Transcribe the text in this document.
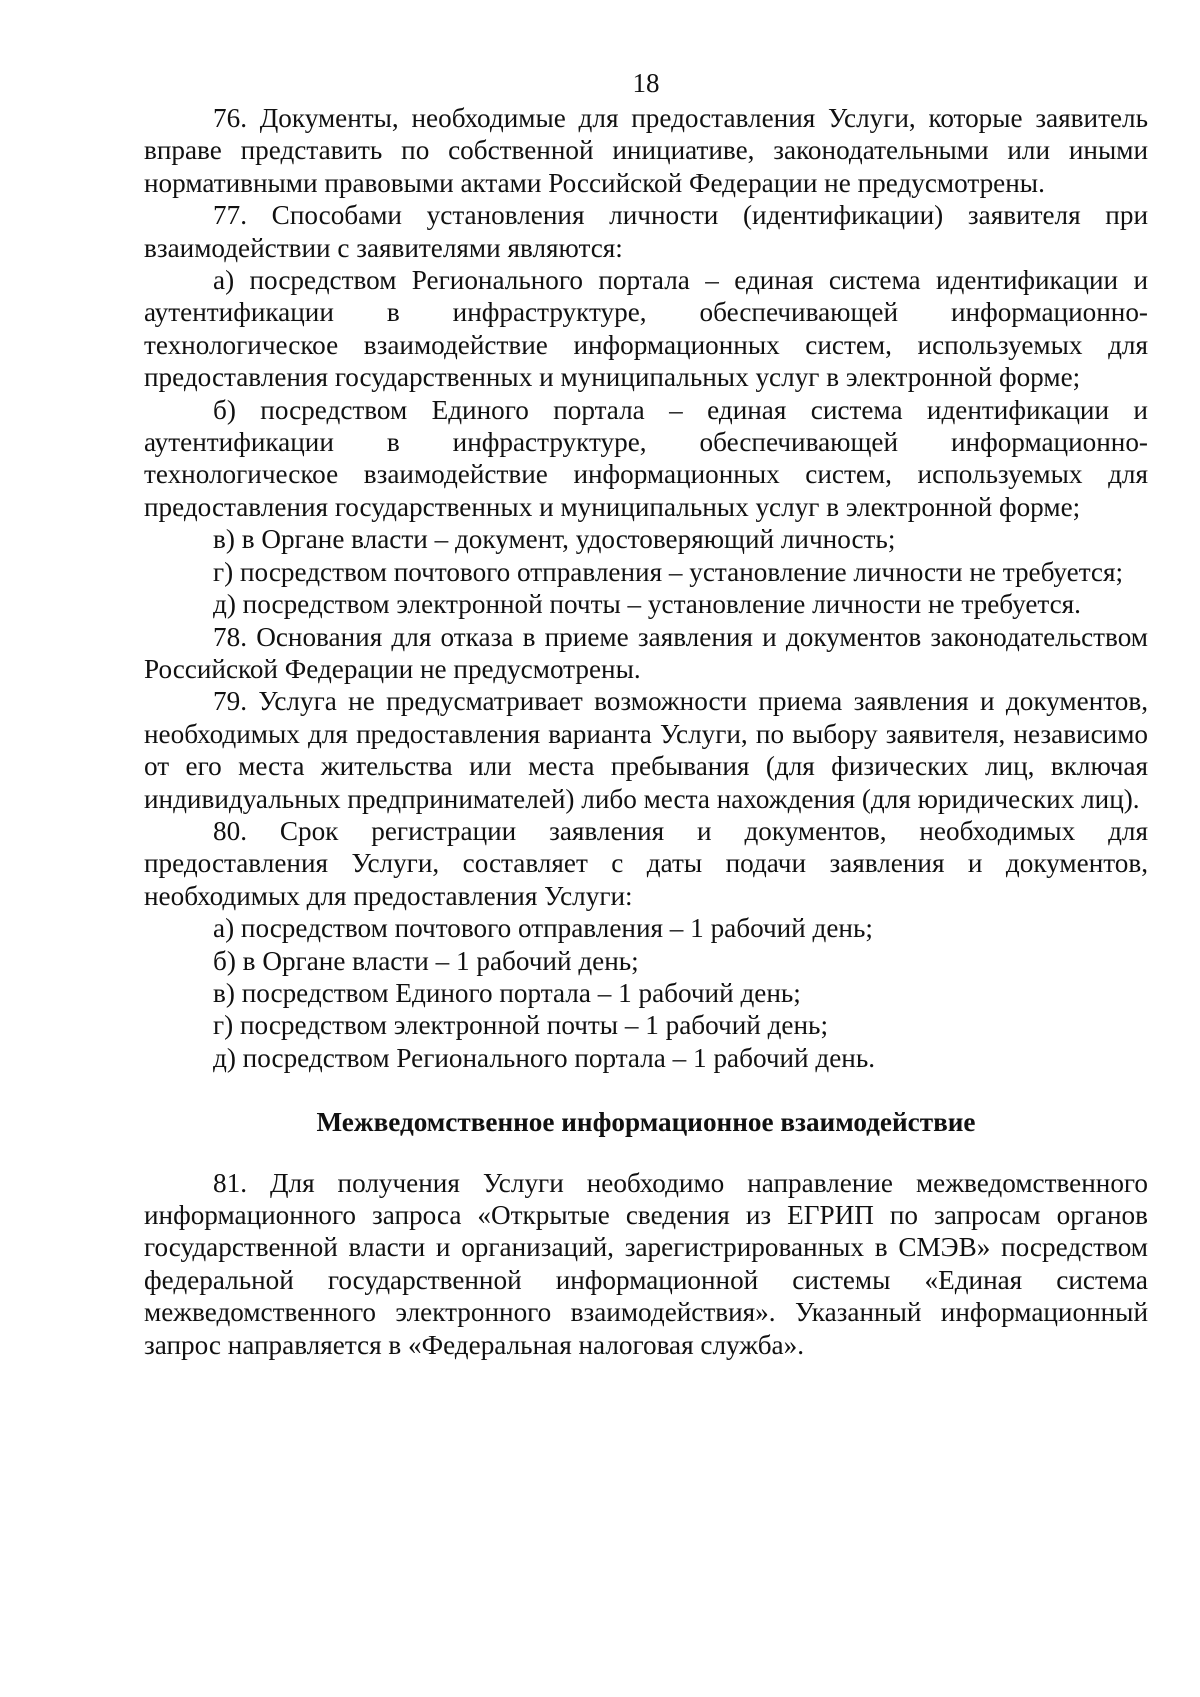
18

76. Документы, необходимые для предоставления Услуги, которые заявитель вправе представить по собственной инициативе, законодательными или иными нормативными правовыми актами Российской Федерации не предусмотрены.

77. Способами установления личности (идентификации) заявителя при взаимодействии с заявителями являются:

а) посредством Регионального портала – единая система идентификации и аутентификации в инфраструктуре, обеспечивающей информационно-технологическое взаимодействие информационных систем, используемых для предоставления государственных и муниципальных услуг в электронной форме;

б) посредством Единого портала – единая система идентификации и аутентификации в инфраструктуре, обеспечивающей информационно-технологическое взаимодействие информационных систем, используемых для предоставления государственных и муниципальных услуг в электронной форме;

в) в Органе власти – документ, удостоверяющий личность;

г) посредством почтового отправления – установление личности не требуется;

д) посредством электронной почты – установление личности не требуется.

78. Основания для отказа в приеме заявления и документов законодательством Российской Федерации не предусмотрены.

79. Услуга не предусматривает возможности приема заявления и документов, необходимых для предоставления варианта Услуги, по выбору заявителя, независимо от его места жительства или места пребывания (для физических лиц, включая индивидуальных предпринимателей) либо места нахождения (для юридических лиц).

80. Срок регистрации заявления и документов, необходимых для предоставления Услуги, составляет с даты подачи заявления и документов, необходимых для предоставления Услуги:

а) посредством почтового отправления – 1 рабочий день;

б) в Органе власти – 1 рабочий день;

в) посредством Единого портала – 1 рабочий день;

г) посредством электронной почты – 1 рабочий день;

д) посредством Регионального портала – 1 рабочий день.

Межведомственное информационное взаимодействие

81. Для получения Услуги необходимо направление межведомственного информационного запроса «Открытые сведения из ЕГРИП по запросам органов государственной власти и организаций, зарегистрированных в СМЭВ» посредством федеральной государственной информационной системы «Единая система межведомственного электронного взаимодействия». Указанный информационный запрос направляется в «Федеральная налоговая служба».
